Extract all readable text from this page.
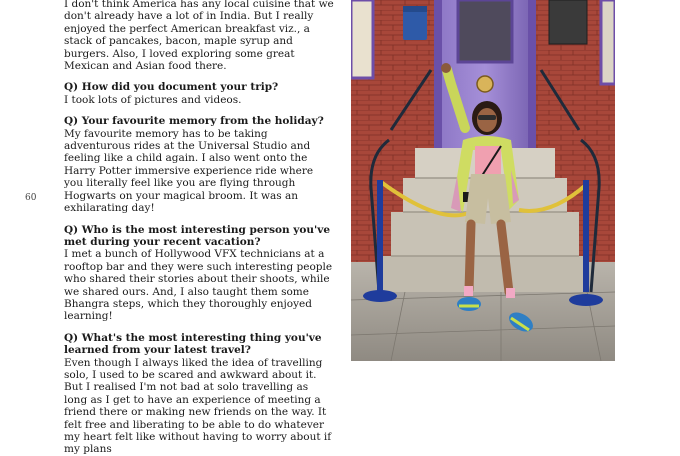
60

I don't think America has any local cuisine that we don't already have a lot of in India. But I really enjoyed the perfect American breakfast viz., a stack of pancakes, bacon, maple syrup and burgers. Also, I loved exploring some great Mexican and Asian food there.

Q) How did you document your trip?

I took lots of pictures and videos.

Q) Your favourite memory from the holiday?

My favourite memory has to be taking adventurous rides at the Universal Studio and feeling like a child again. I also went onto the Harry Potter immersive experience ride where you literally feel like you are flying through Hogwarts on your magical broom. It was an exhilarating day!

Q) Who is the most interesting person you've met during your recent vacation?

I met a bunch of Hollywood VFX technicians at a rooftop bar and they were such interesting people who shared their stories about their shoots, while we shared ours. And, I also taught them some Bhangra steps, which they thoroughly enjoyed learning!

Q) What's the most interesting thing you've learned from your latest travel?

Even though I always liked the idea of travelling solo, I used to be scared and awkward about it. But I realised I'm not bad at solo travelling as long as I get to have an experience of meeting a friend there or making new friends on the way. It felt free and liberating to be able to do whatever my heart felt like without having to worry about if my plans
